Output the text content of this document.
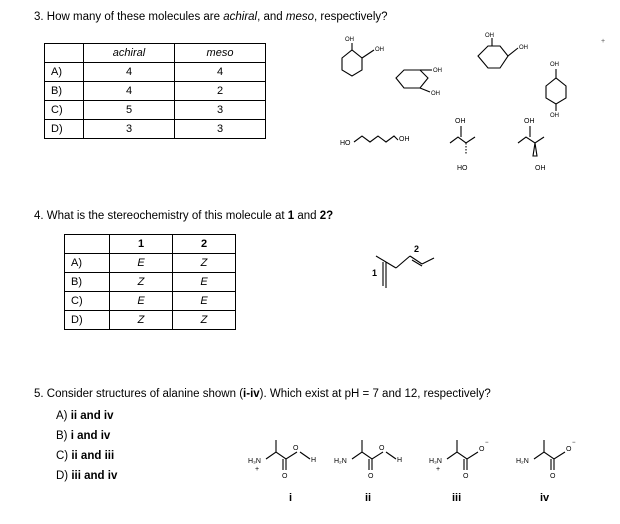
3. How many of these molecules are achiral, and meso, respectively?
	achiral	meso
A)	4	4
B)	4	2
C)	5	3
D)	3	3
OH
OH
OH
OH
OH
OH
OH
OH
+
HO
OH
OH
HO
OH
OH
4. What is the stereochemistry of this molecule at 1 and 2?
	1	2
A)	E	Z
B)	Z	E
C)	E	E
D)	Z	Z
1
2
5. Consider structures of alanine shown (i-iv). Which exist at pH = 7 and 12, respectively?
A) ii and iv
B) i and iv
C) ii and iii
D) iii and iv
H₃N
+
O
O
H	H₂N
O
O
H	H₃N
+
O
O
−
H₂N
O
O
−
i	ii	iii	iv
